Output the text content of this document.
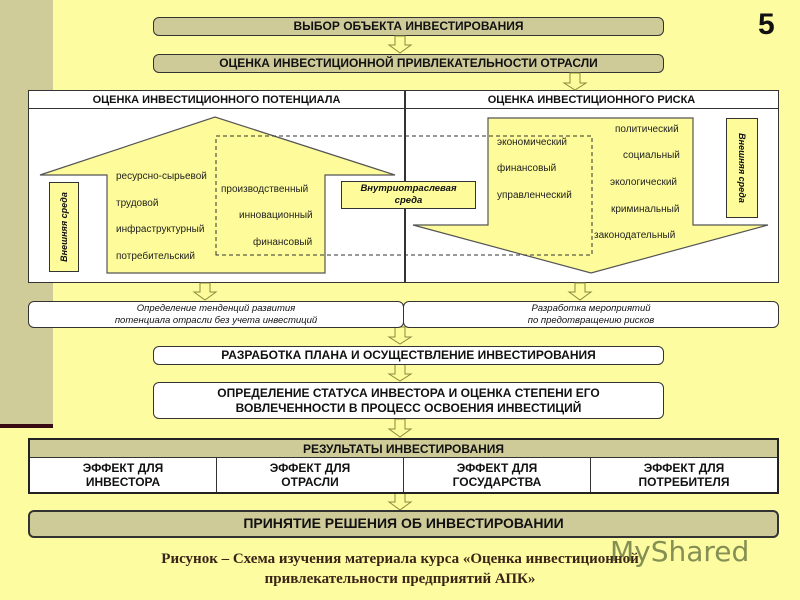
5
ВЫБОР ОБЪЕКТА ИНВЕСТИРОВАНИЯ
ОЦЕНКА ИНВЕСТИЦИОННОЙ ПРИВЛЕКАТЕЛЬНОСТИ ОТРАСЛИ
ОЦЕНКА ИНВЕСТИЦИОННОГО ПОТЕНЦИАЛА	ОЦЕНКА ИНВЕСТИЦИОННОГО РИСКА
Внешняя среда
ресурсно-сырьевой
трудовой
инфраструктурный
потребительский
производственный
инновационный
финансовый
Внутриотраслевая
среда
экономический
финансовый
управленческий
политический
социальный
экологический
криминальный
законодательный
Внешняя среда
Определение тенденций развития
потенциала отрасли без учета инвестиций
Разработка мероприятий
по предотвращению рисков
РАЗРАБОТКА ПЛАНА И ОСУЩЕСТВЛЕНИЕ ИНВЕСТИРОВАНИЯ
ОПРЕДЕЛЕНИЕ СТАТУСА ИНВЕСТОРА И ОЦЕНКА СТЕПЕНИ ЕГО
ВОВЛЕЧЕННОСТИ В ПРОЦЕСС ОСВОЕНИЯ ИНВЕСТИЦИЙ
РЕЗУЛЬТАТЫ ИНВЕСТИРОВАНИЯ
ЭФФЕКТ ДЛЯ
ИНВЕСТОРА
ЭФФЕКТ ДЛЯ
ОТРАСЛИ
ЭФФЕКТ ДЛЯ
ГОСУДАРСТВА
ЭФФЕКТ ДЛЯ
ПОТРЕБИТЕЛЯ
ПРИНЯТИЕ РЕШЕНИЯ ОБ ИНВЕСТИРОВАНИИ
Рисунок – Схема изучения материала курса «Оценка инвестиционной
привлекательности предприятий АПК»
MyShared
